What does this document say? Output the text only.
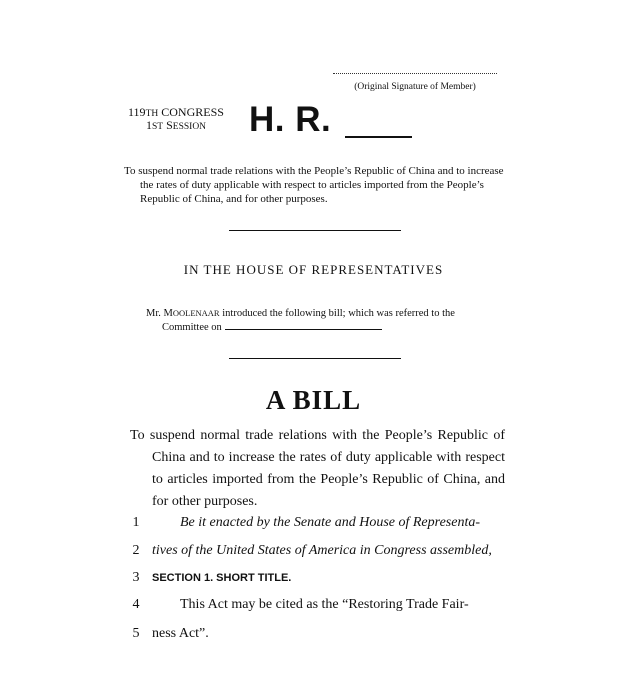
(Original Signature of Member)
119TH CONGRESS
1ST SESSION H. R.
To suspend normal trade relations with the People’s Republic of China and to increase the rates of duty applicable with respect to articles imported from the People’s Republic of China, and for other purposes.
IN THE HOUSE OF REPRESENTATIVES
Mr. MOOLENAAR introduced the following bill; which was referred to the Committee on
A BILL
To suspend normal trade relations with the People’s Republic of China and to increase the rates of duty applicable with respect to articles imported from the People’s Republic of China, and for other purposes.
1	Be it enacted by the Senate and House of Representa-
2 tives of the United States of America in Congress assembled,
3	SECTION 1. SHORT TITLE.
4	This Act may be cited as the “Restoring Trade Fair-
5 ness Act”.
